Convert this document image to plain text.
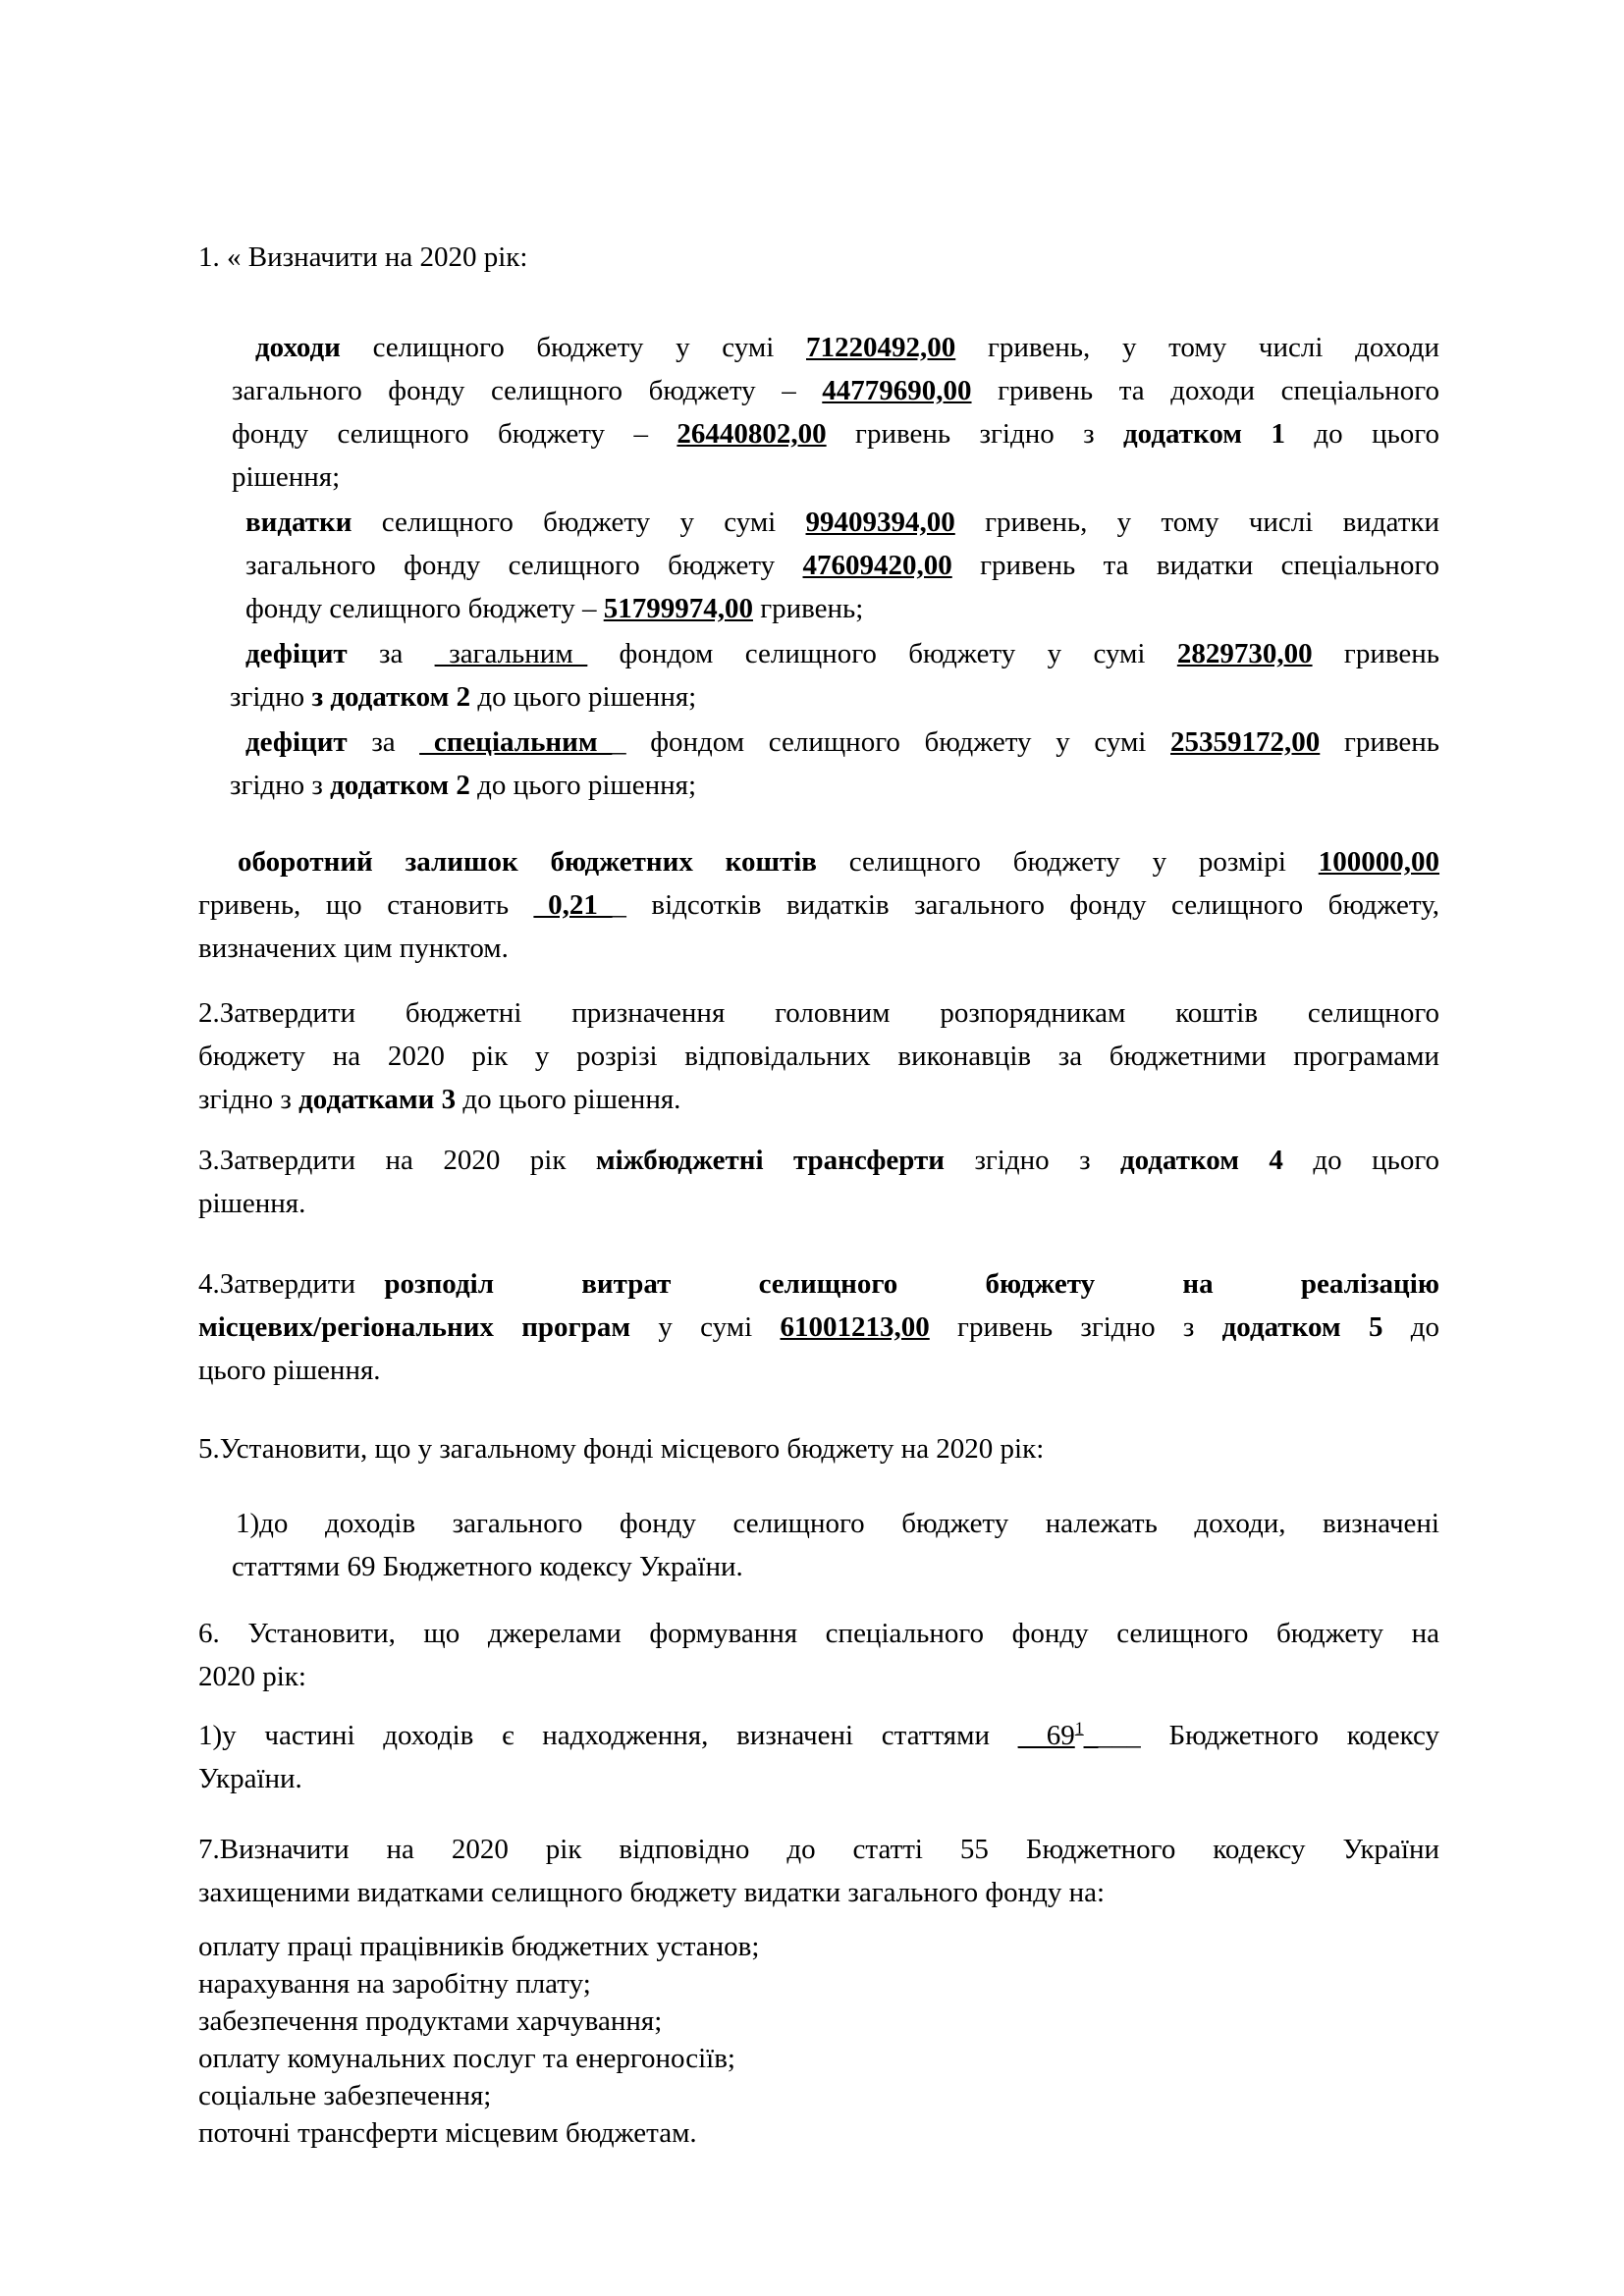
1. « Визначити на 2020 рік:

доходи селищного бюджету у сумі 71220492,00 гривень, у тому числі доходи
загального фонду селищного бюджету – 44779690,00 гривень та доходи спеціального
фонду селищного бюджету – 26440802,00 гривень згідно з додатком 1 до цього
рішення;
видатки селищного бюджету у сумі 99409394,00 гривень, у тому числі видатки
загального фонду селищного бюджету 47609420,00 гривень та видатки спеціального
фонду селищного бюджету – 51799974,00 гривень;
дефіцит за _загальним_ фондом селищного бюджету у сумі 2829730,00 гривень
згідно з додатком 2 до цього рішення;
дефіцит за _спеціальним__ фондом селищного бюджету у сумі 25359172,00 гривень
згідно з додатком 2 до цього рішення;
оборотний залишок бюджетних коштів селищного бюджету у розмірі 100000,00
гривень, що становить _0,21__ відсотків видатків загального фонду селищного бюджету,
визначених цим пунктом.
2.Затвердити бюджетні призначення головним розпорядникам коштів селищного
бюджету на 2020 рік у розрізі відповідальних виконавців за бюджетними програмами
згідно з додатками 3 до цього рішення.
3.Затвердити на 2020 рік міжбюджетні трансферти згідно з додатком 4 до цього
рішення.
4.Затвердити розподіл витрат селищного бюджету на реалізацію
місцевих/регіональних програм у сумі 61001213,00 гривень згідно з додатком 5 до
цього рішення.

5.Установити, що у загальному фонді місцевого бюджету на 2020 рік:

1)до доходів загального фонду селищного бюджету належать доходи, визначені
статтями 69 Бюджетного кодексу України.
6. Установити, що джерелами формування спеціального фонду селищного бюджету на
2020 рік:
1)у частині доходів є надходження, визначені статтями $\_\_69^1\_\_\_\_$ Бюджетного кодексу
України.
7.Визначити на 2020 рік відповідно до статті 55 Бюджетного кодексу України
захищеними видатками селищного бюджету видатки загального фонду на:
оплату праці працівників бюджетних установ;
нарахування на заробітну плату;
забезпечення продуктами харчування;
оплату комунальних послуг та енергоносіїв;
соціальне забезпечення;
поточні трансферти місцевим бюджетам.
